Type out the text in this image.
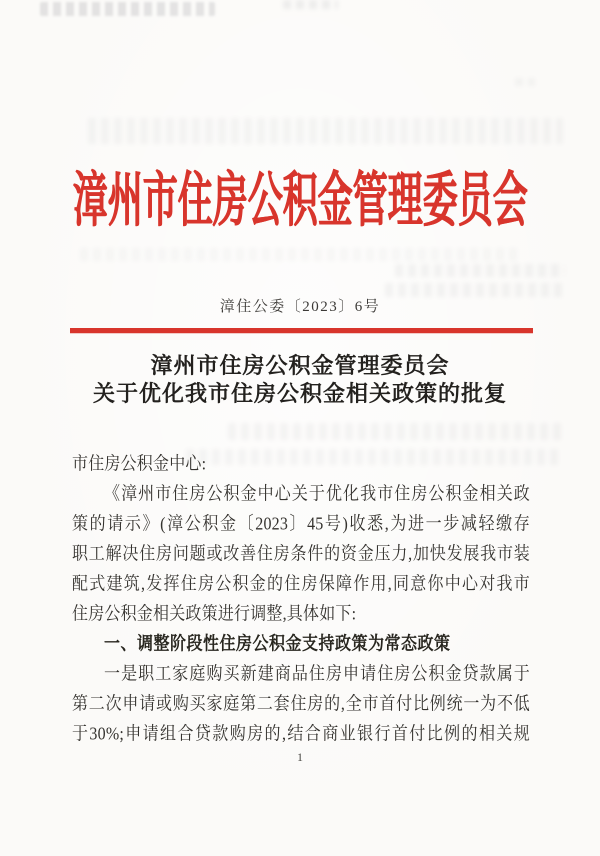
漳州市住房公积金管理委员会
漳住公委〔2023〕6号
漳州市住房公积金管理委员会
关于优化我市住房公积金相关政策的批复
市住房公积金中心:
《漳州市住房公积金中心关于优化我市住房公积金相关政
策的请示》(漳公积金〔2023〕45号)收悉,为进一步减轻缴存
职工解决住房问题或改善住房条件的资金压力,加快发展我市装
配式建筑,发挥住房公积金的住房保障作用,同意你中心对我市
住房公积金相关政策进行调整,具体如下:
一、调整阶段性住房公积金支持政策为常态政策
一是职工家庭购买新建商品住房申请住房公积金贷款属于
第二次申请或购买家庭第二套住房的,全市首付比例统一为不低
于30%;申请组合贷款购房的,结合商业银行首付比例的相关规
1
